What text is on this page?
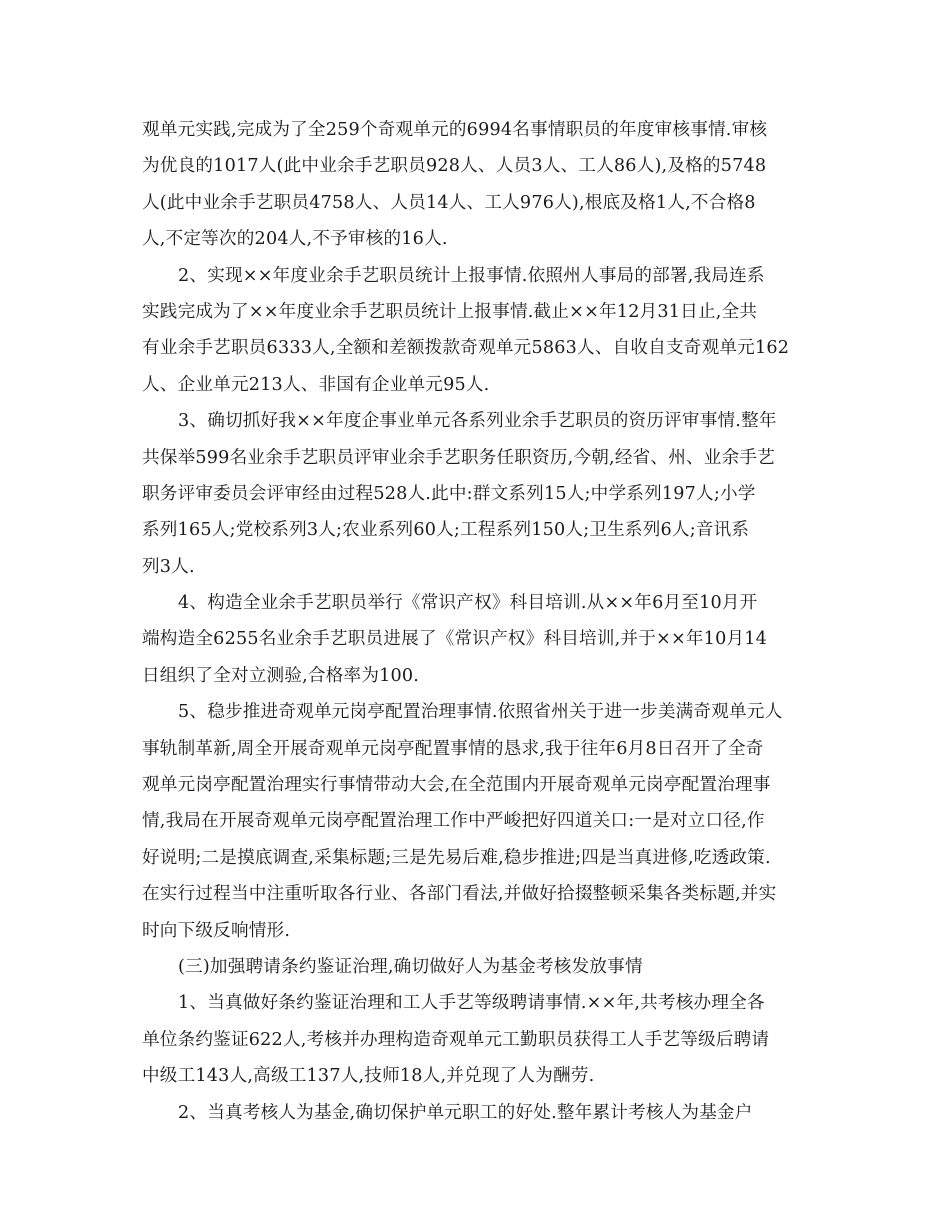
观单元实践,完成为了全259个奇观单元的6994名事情职员的年度审核事情.审核
为优良的1017人(此中业余手艺职员928人、人员3人、工人86人),及格的5748
人(此中业余手艺职员4758人、人员14人、工人976人),根底及格1人,不合格8
人,不定等次的204人,不予审核的16人.
2、实现××年度业余手艺职员统计上报事情.依照州人事局的部署,我局连系
实践完成为了××年度业余手艺职员统计上报事情.截止××年12月31日止,全共
有业余手艺职员6333人,全额和差额拨款奇观单元5863人、自收自支奇观单元162
人、企业单元213人、非国有企业单元95人.
3、确切抓好我××年度企事业单元各系列业余手艺职员的资历评审事情.整年
共保举599名业余手艺职员评审业余手艺职务任职资历,今朝,经省、州、业余手艺
职务评审委员会评审经由过程528人.此中:群文系列15人;中学系列197人;小学
系列165人;党校系列3人;农业系列60人;工程系列150人;卫生系列6人;音讯系
列3人.
4、构造全业余手艺职员举行《常识产权》科目培训.从××年6月至10月开
端构造全6255名业余手艺职员进展了《常识产权》科目培训,并于××年10月14
日组织了全对立测验,合格率为100.
5、稳步推进奇观单元岗亭配置治理事情.依照省州关于进一步美满奇观单元人
事轨制革新,周全开展奇观单元岗亭配置事情的恳求,我于往年6月8日召开了全奇
观单元岗亭配置治理实行事情带动大会,在全范围内开展奇观单元岗亭配置治理事
情,我局在开展奇观单元岗亭配置治理工作中严峻把好四道关口:一是对立口径,作
好说明;二是摸底调查,采集标题;三是先易后难,稳步推进;四是当真进修,吃透政策.
在实行过程当中注重听取各行业、各部门看法,并做好拾掇整顿采集各类标题,并实
时向下级反响情形.
(三)加强聘请条约鉴证治理,确切做好人为基金考核发放事情
1、当真做好条约鉴证治理和工人手艺等级聘请事情.××年,共考核办理全各
单位条约鉴证622人,考核并办理构造奇观单元工勤职员获得工人手艺等级后聘请
中级工143人,高级工137人,技师18人,并兑现了人为酬劳.
2、当真考核人为基金,确切保护单元职工的好处.整年累计考核人为基金户
